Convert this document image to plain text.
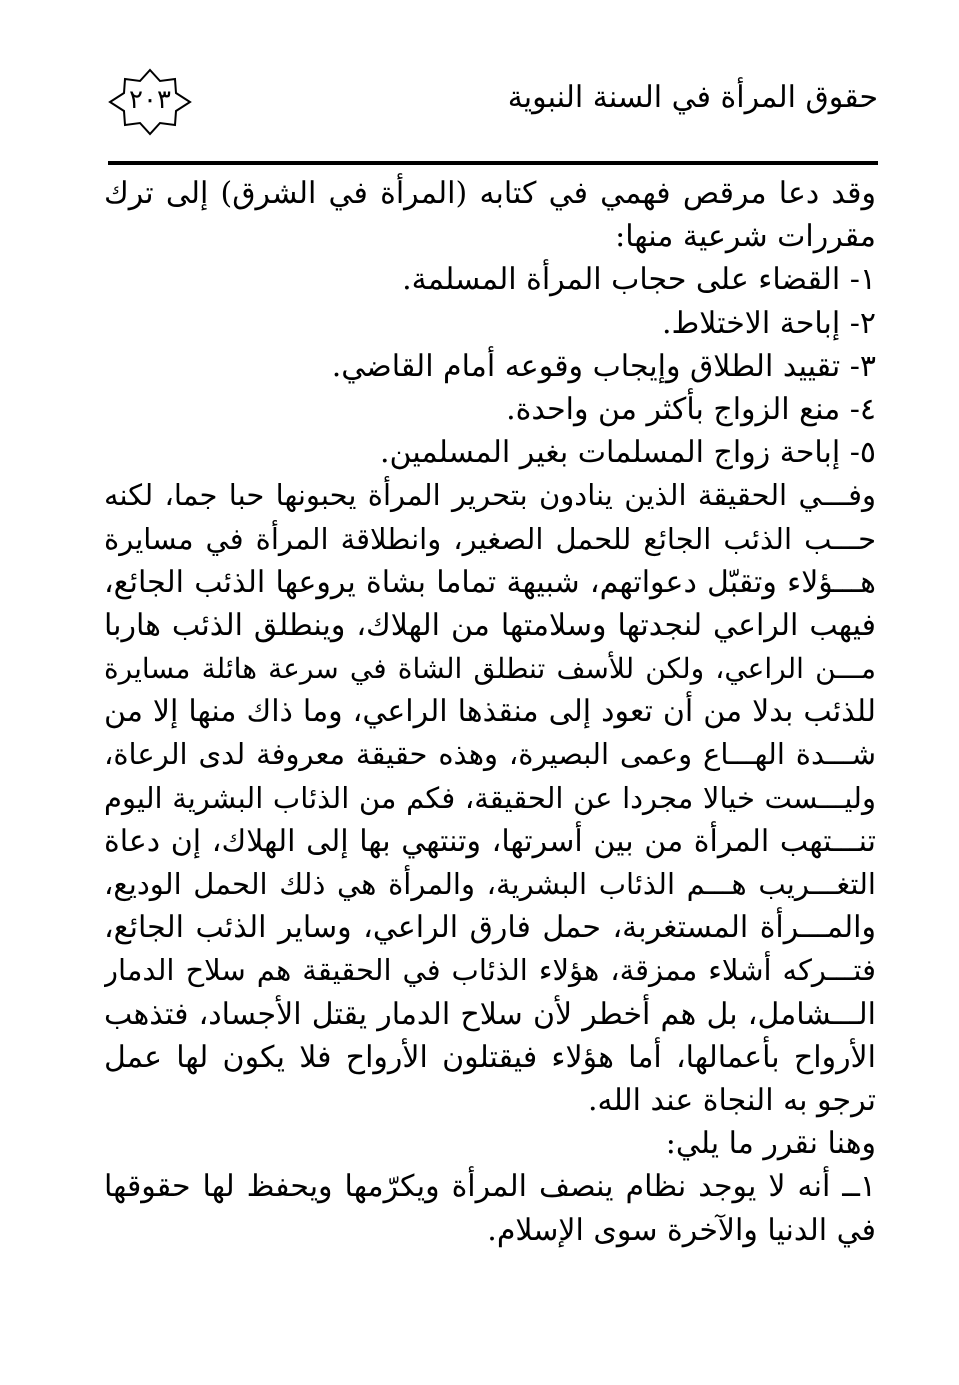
حقوق المرأة في السنة النبوية
٢٠٣
وقد دعا مرقص فهمي في كتابه (المرأة في الشرق) إلى ترك
مقررات شرعية منها:
١- القضاء على حجاب المرأة المسلمة.
٢- إباحة الاختلاط.
٣- تقييد الطلاق وإيجاب وقوعه أمام القاضي.
٤- منع الزواج بأكثر من واحدة.
٥- إباحة زواج المسلمات بغير المسلمين.
وفـــي الحقيقة الذين ينادون بتحرير المرأة يحبونها حبا جما، لكنه
حـــب الذئب الجائع للحمل الصغير، وانطلاقة المرأة في مسايرة
هـــؤلاء وتقبّل دعواتهم، شبيهة تماما بشاة يروعها الذئب الجائع،
فيهب الراعي لنجدتها وسلامتها من الهلاك، وينطلق الذئب هاربا
مـــن الراعي، ولكن للأسف تنطلق الشاة في سرعة هائلة مسايرة
للذئب بدلا من أن تعود إلى منقذها الراعي، وما ذاك منها إلا من
شـــدة الهـــاع وعمى البصيرة، وهذه حقيقة معروفة لدى الرعاة،
وليـــست خيالا مجردا عن الحقيقة، فكم من الذئاب البشرية اليوم
تنـــتهب المرأة من بين أسرتها، وتنتهي بها إلى الهلاك، إن دعاة
التغـــريب هـــم الذئاب البشرية، والمرأة هي ذلك الحمل الوديع،
والمـــرأة المستغربة، حمل فارق الراعي، وساير الذئب الجائع،
فتـــركه أشلاء ممزقة، هؤلاء الذئاب في الحقيقة هم سلاح الدمار
الـــشامل، بل هم أخطر لأن سلاح الدمار يقتل الأجساد، فتذهب
الأرواح بأعمالها، أما هؤلاء فيقتلون الأرواح فلا يكون لها عمل
ترجو به النجاة عند الله.
وهنا نقرر ما يلي:
١ــ أنه لا يوجد نظام ينصف المرأة ويكرّمها ويحفظ لها حقوقها
في الدنيا والآخرة سوى الإسلام.
